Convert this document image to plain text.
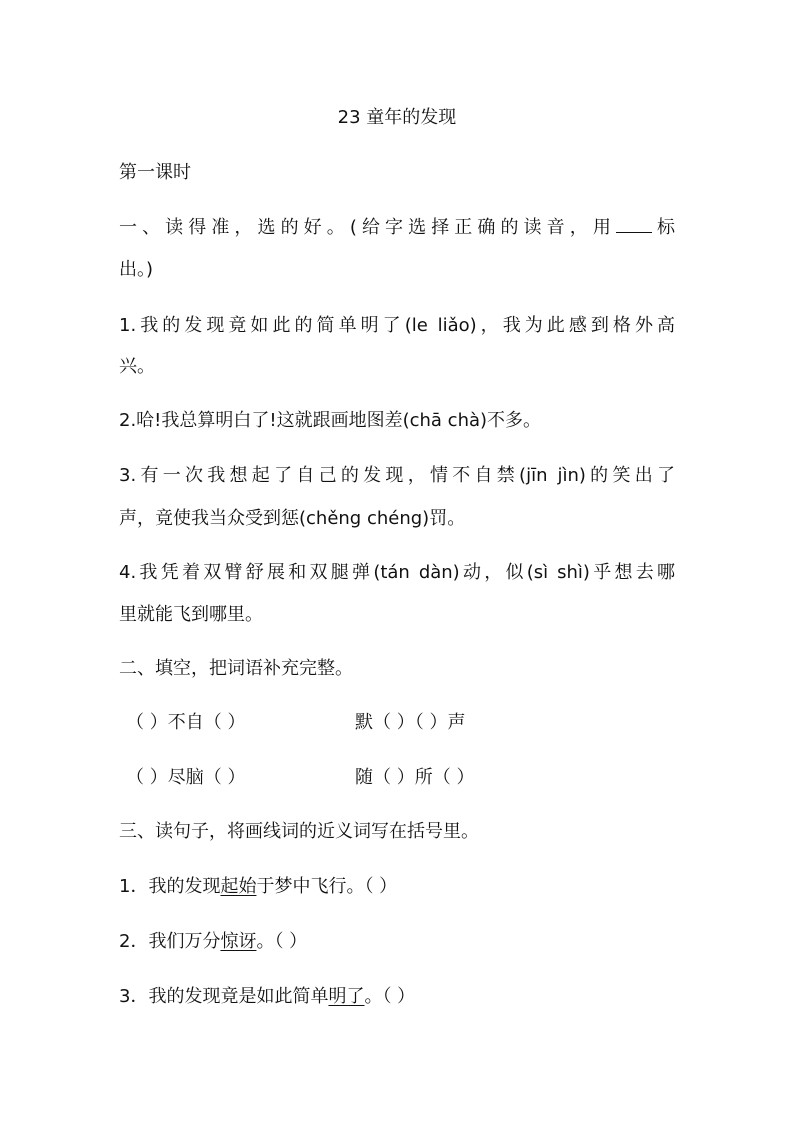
23 童年的发现
第一课时
一、读得准，选的好。(给字选择正确的读音，用 标
出。)
1.我的发现竟如此的简单明了(le liǎo)，我为此感到格外高
兴。
2.哈!我总算明白了!这就跟画地图差(chā chà)不多。
3.有一次我想起了自己的发现，情不自禁(jīn jìn)的笑出了
声，竟使我当众受到惩(chěng chéng)罚。
4.我凭着双臂舒展和双腿弹(tán dàn)动，似(sì shì)乎想去哪
里就能飞到哪里。
二、填空，把词语补充完整。
（ ）不自（ ）	默（ ）（ ）声
（ ）尽脑（ ）	随（ ）所（ ）
三、读句子，将画线词的近义词写在括号里。
1．我的发现起始于梦中飞行。（ ）
2．我们万分惊讶。（ ）
3．我的发现竟是如此简单明了。（ ）
